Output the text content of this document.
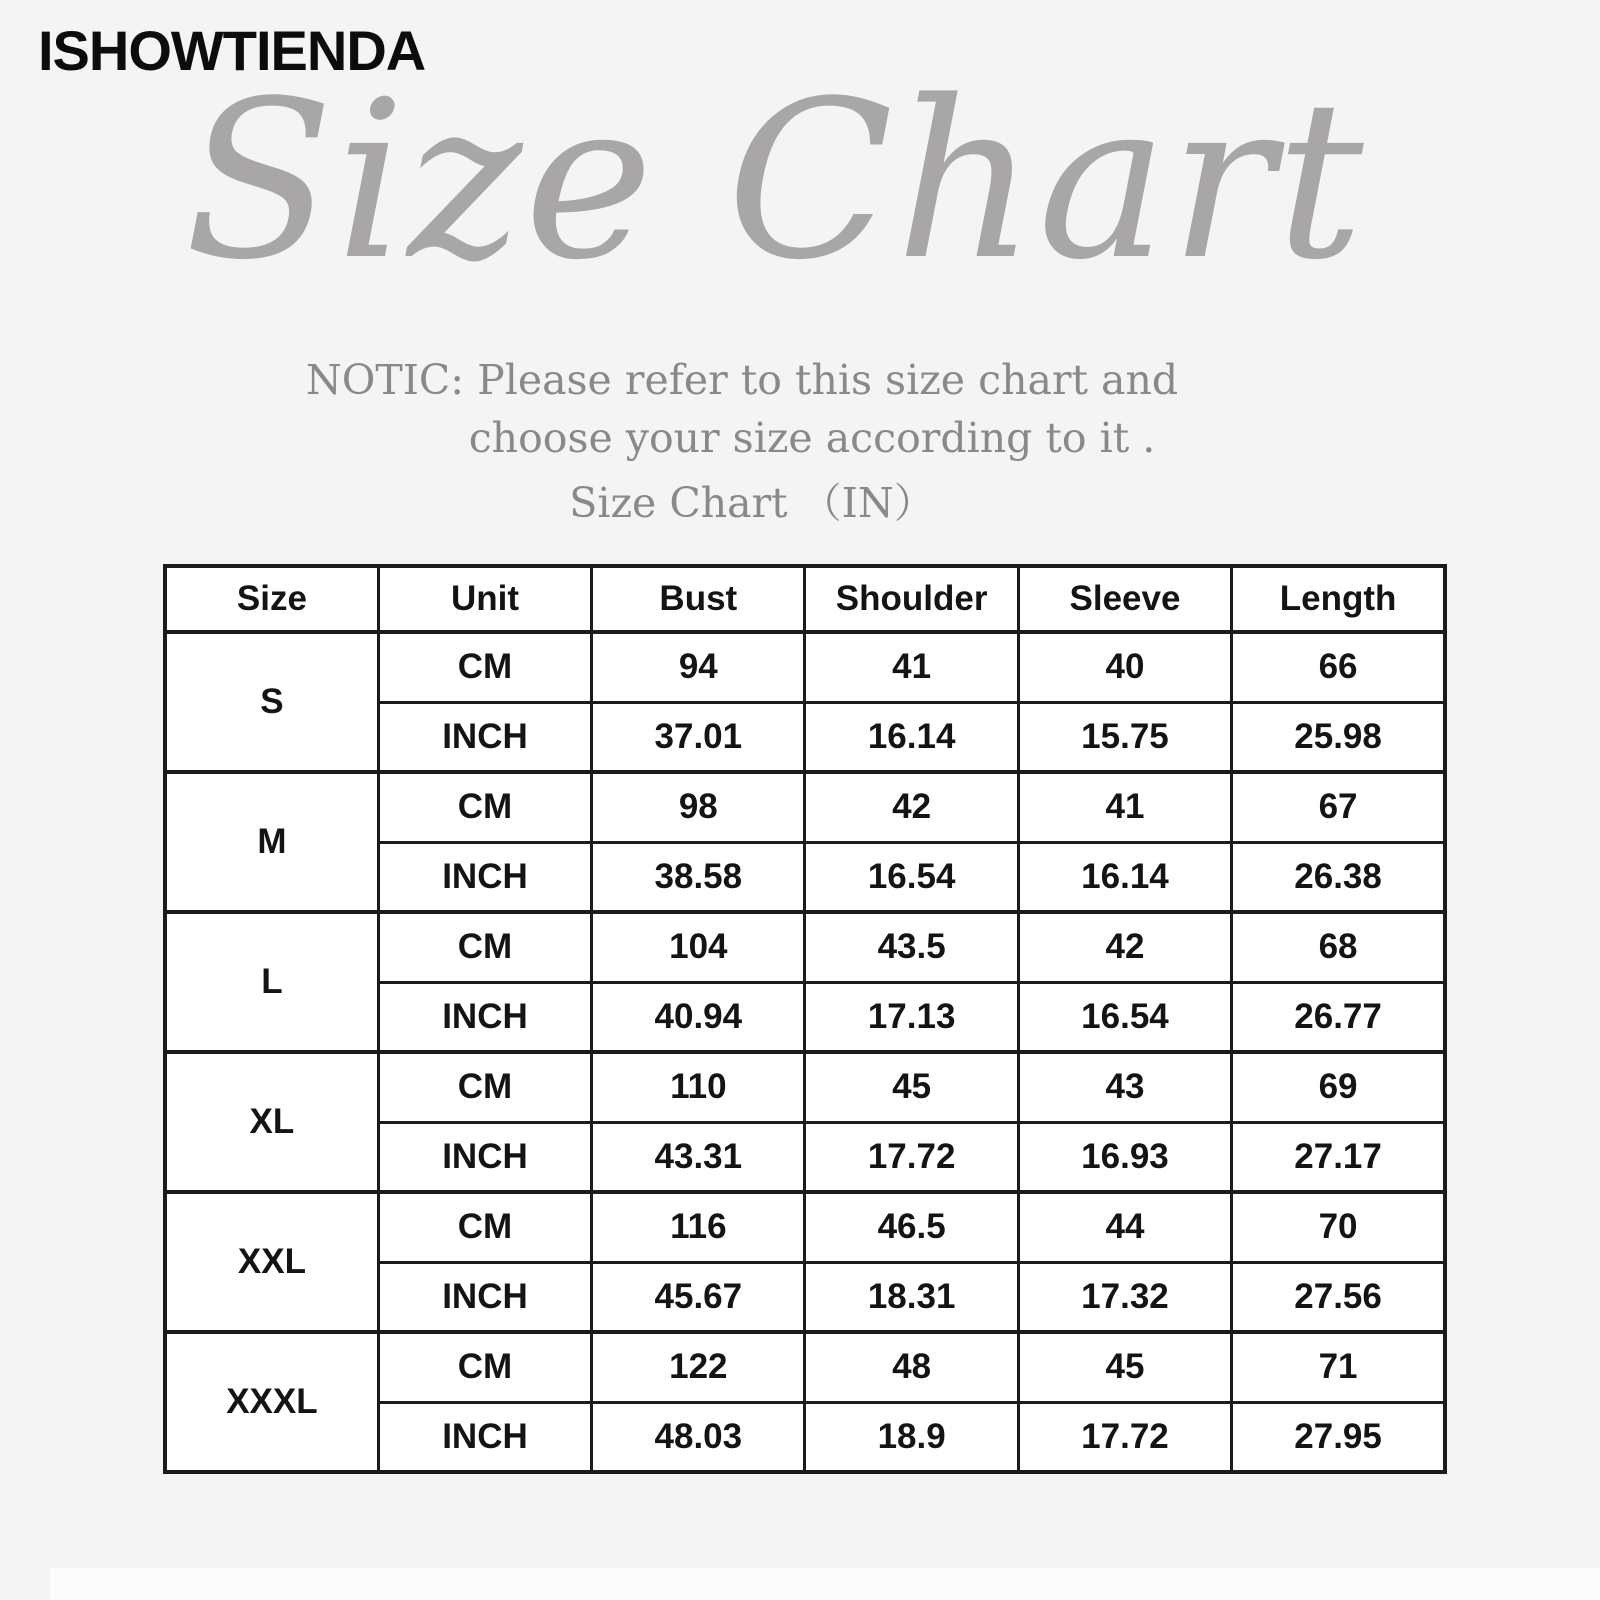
ISHOWTIENDA
Size Chart
NOTIC: Please refer to this size chart and
choose your size according to it .
Size Chart （IN）
Size	Unit	Bust	Shoulder	Sleeve	Length
S	CM	94	41	40	66
	INCH	37.01	16.14	15.75	25.98
M	CM	98	42	41	67
	INCH	38.58	16.54	16.14	26.38
L	CM	104	43.5	42	68
	INCH	40.94	17.13	16.54	26.77
XL	CM	110	45	43	69
	INCH	43.31	17.72	16.93	27.17
XXL	CM	116	46.5	44	70
	INCH	45.67	18.31	17.32	27.56
XXXL	CM	122	48	45	71
	INCH	48.03	18.9	17.72	27.95
